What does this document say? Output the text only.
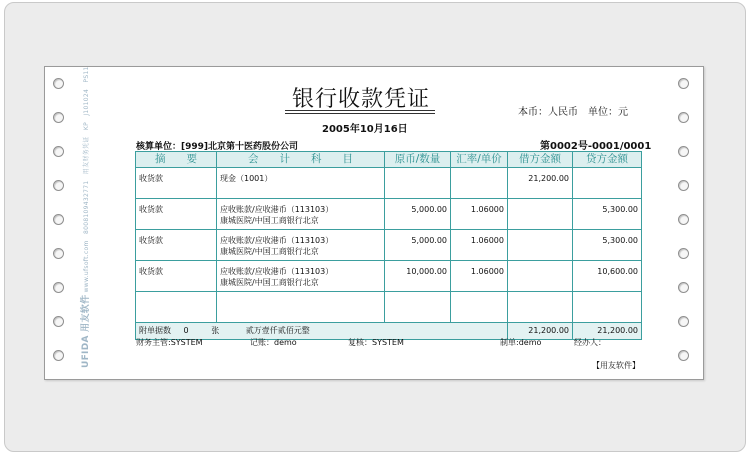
UFIDA 用友软件 www.ufsoft.com　8008109432771　用友财务凭证　KP　J101024　PS11	银行收款凭证
2005年10月16日
本币：人民币　单位：元
核算单位：[999]北京第十医药股份公司	第0002号-0001/0001
摘　　要	会　　计　　科　　目	原币/数量	汇率/单价	借方金额	贷方金额
收货款	现金（1001）			21,200.00	
收货款	应收账款/应收港币（113103）
康城医院/中国工商银行北京	5,000.00	1.06000		5,300.00
收货款	应收账款/应收港币（113103）
康城医院/中国工商银行北京	5,000.00	1.06000		5,300.00
收货款	应收账款/应收港币（113103）
康城医院/中国工商银行北京	10,000.00	1.06000		10,600.00

附单据数 0 张 贰万壹仟贰佰元整				21,200.00	21,200.00
财务主管:SYSTEM	记账：demo	复核：SYSTEM	制单:demo	经办人：
【用友软件】
